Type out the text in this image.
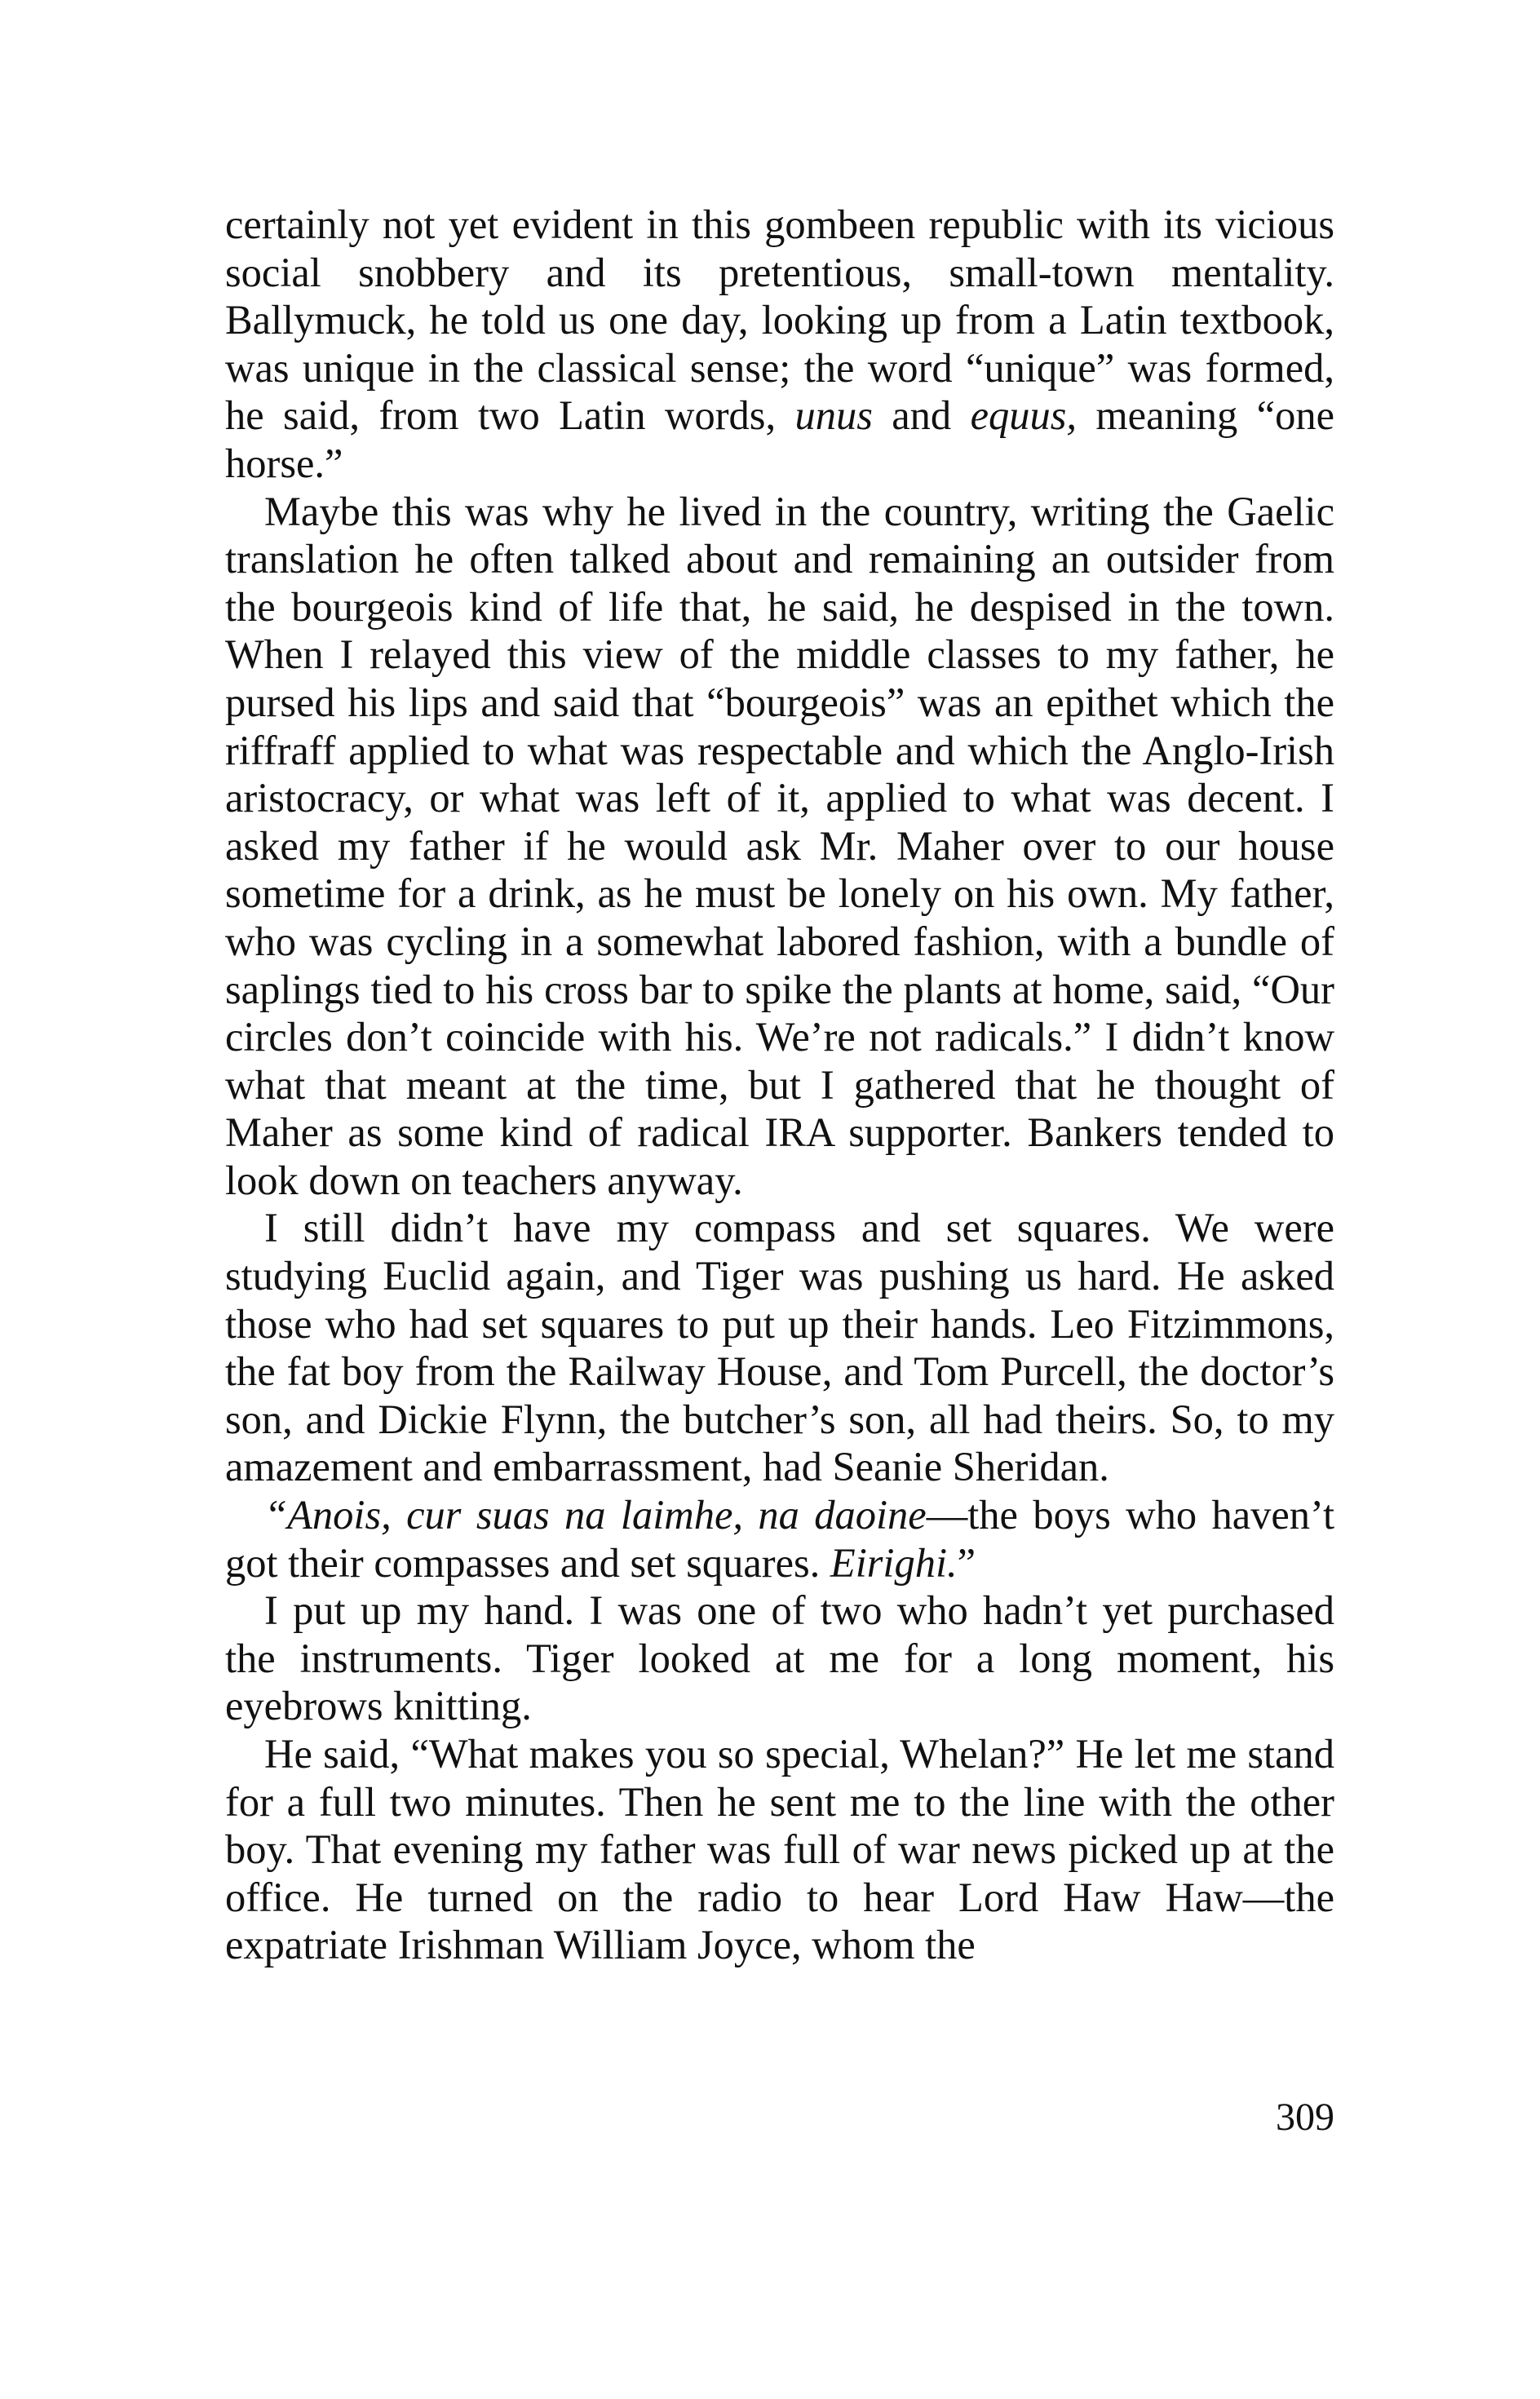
certainly not yet evident in this gombeen republic with its vicious social snobbery and its pretentious, small-town mentality. Ballymuck, he told us one day, looking up from a Latin textbook, was unique in the classical sense; the word “unique” was formed, he said, from two Latin words, unus and equus, meaning “one horse.”

Maybe this was why he lived in the country, writing the Gaelic translation he often talked about and remaining an outsider from the bourgeois kind of life that, he said, he despised in the town. When I relayed this view of the middle classes to my father, he pursed his lips and said that “bourgeois” was an epithet which the riffraff applied to what was respectable and which the Anglo-Irish aristocracy, or what was left of it, applied to what was decent. I asked my father if he would ask Mr. Maher over to our house sometime for a drink, as he must be lonely on his own. My father, who was cycling in a somewhat labored fashion, with a bundle of saplings tied to his cross bar to spike the plants at home, said, “Our circles don’t coincide with his. We’re not radicals.” I didn’t know what that meant at the time, but I gathered that he thought of Maher as some kind of radical IRA supporter. Bankers tended to look down on teachers anyway.

I still didn’t have my compass and set squares. We were studying Euclid again, and Tiger was pushing us hard. He asked those who had set squares to put up their hands. Leo Fitzimmons, the fat boy from the Railway House, and Tom Purcell, the doctor’s son, and Dickie Flynn, the butcher’s son, all had theirs. So, to my amazement and embarrassment, had Seanie Sheridan.

“Anois, cur suas na laimhe, na daoine—the boys who haven’t got their compasses and set squares. Eirighi.”

I put up my hand. I was one of two who hadn’t yet purchased the instruments. Tiger looked at me for a long moment, his eyebrows knitting.

He said, “What makes you so special, Whelan?” He let me stand for a full two minutes. Then he sent me to the line with the other boy. That evening my father was full of war news picked up at the office. He turned on the radio to hear Lord Haw Haw—the expatriate Irishman William Joyce, whom the

309
